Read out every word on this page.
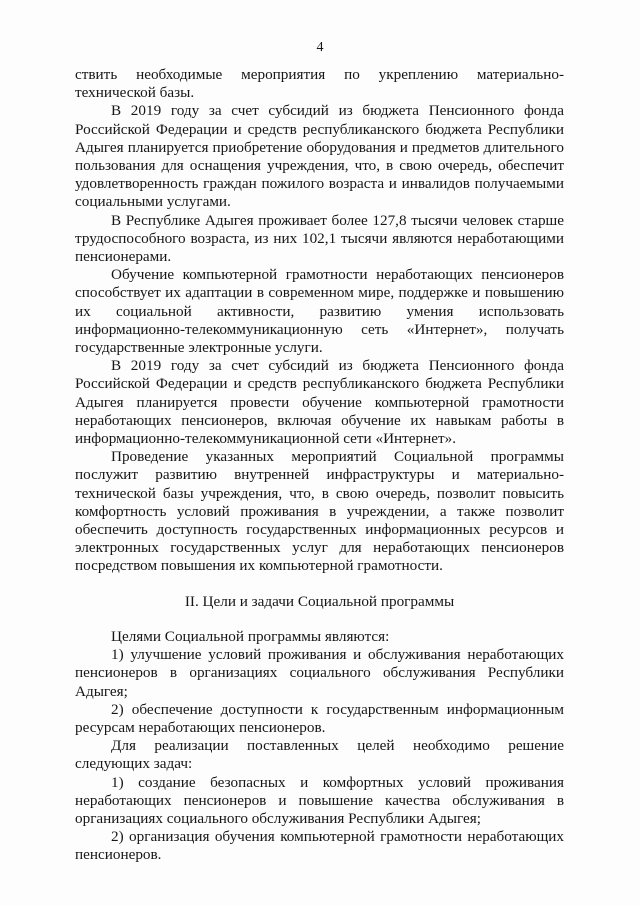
4

ствить необходимые мероприятия по укреплению материально-технической базы.

В 2019 году за счет субсидий из бюджета Пенсионного фонда Российской Федерации и средств республиканского бюджета Республики Адыгея планируется приобретение оборудования и предметов длительного пользования для оснащения учреждения, что, в свою очередь, обеспечит удовлетворенность граждан пожилого возраста и инвалидов получаемыми социальными услугами.

В Республике Адыгея проживает более 127,8 тысячи человек старше трудоспособного возраста, из них 102,1 тысячи являются неработающими пенсионерами.

Обучение компьютерной грамотности неработающих пенсионеров способствует их адаптации в современном мире, поддержке и повышению их социальной активности, развитию умения использовать информационно-телекоммуникационную сеть «Интернет», получать государственные электронные услуги.

В 2019 году за счет субсидий из бюджета Пенсионного фонда Российской Федерации и средств республиканского бюджета Республики Адыгея планируется провести обучение компьютерной грамотности неработающих пенсионеров, включая обучение их навыкам работы в информационно-телекоммуникационной сети «Интернет».

Проведение указанных мероприятий Социальной программы послужит развитию внутренней инфраструктуры и материально-технической базы учреждения, что, в свою очередь, позволит повысить комфортность условий проживания в учреждении, а также позволит обеспечить доступность государственных информационных ресурсов и электронных государственных услуг для неработающих пенсионеров посредством повышения их компьютерной грамотности.

II. Цели и задачи Социальной программы

Целями Социальной программы являются:

1) улучшение условий проживания и обслуживания неработающих пенсионеров в организациях социального обслуживания Республики Адыгея;

2) обеспечение доступности к государственным информационным ресурсам неработающих пенсионеров.

Для реализации поставленных целей необходимо решение следующих задач:

1) создание безопасных и комфортных условий проживания неработающих пенсионеров и повышение качества обслуживания в организациях социального обслуживания Республики Адыгея;

2) организация обучения компьютерной грамотности неработающих пенсионеров.
